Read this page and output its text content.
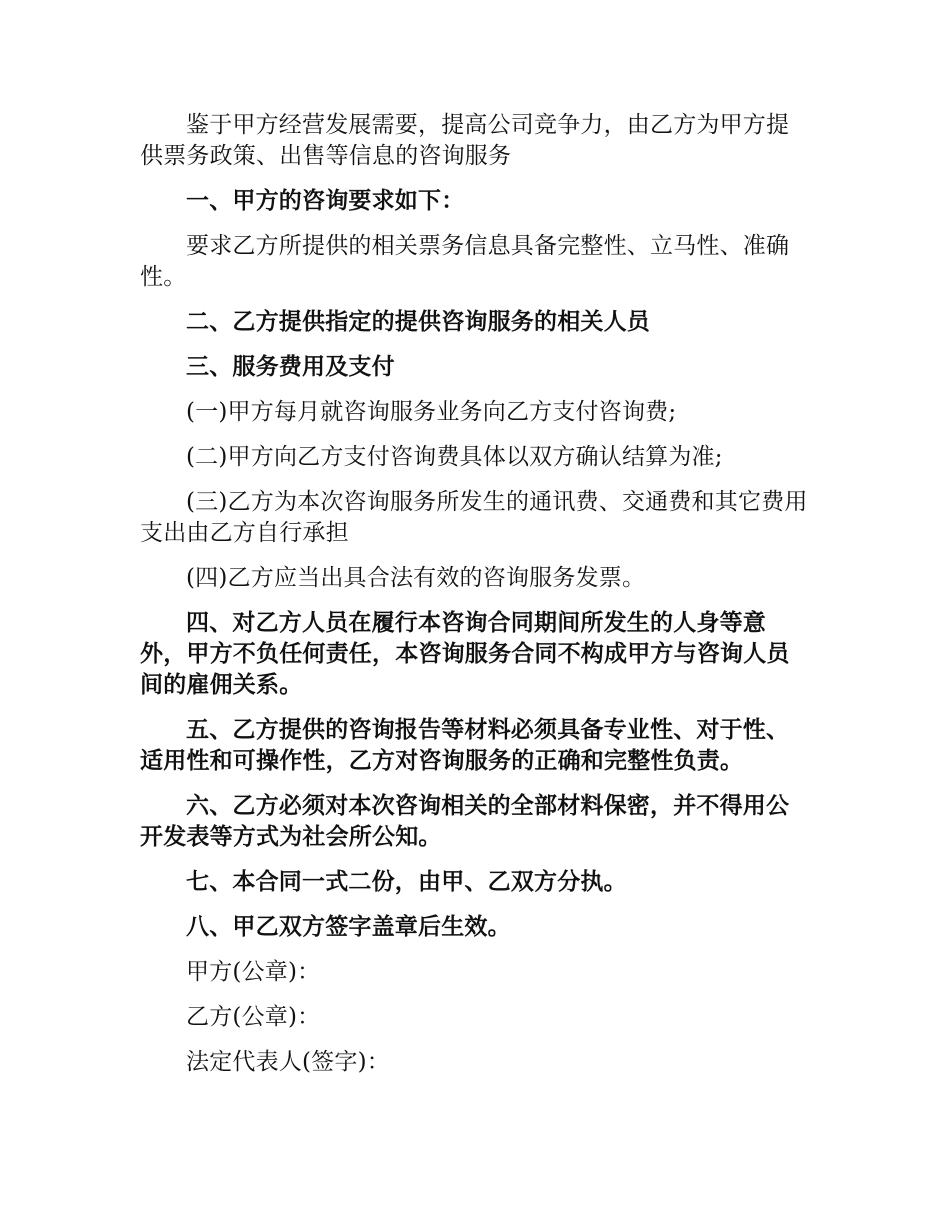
鉴于甲方经营发展需要，提高公司竞争力，由乙方为甲方提供票务政策、出售等信息的咨询服务

一、甲方的咨询要求如下：

要求乙方所提供的相关票务信息具备完整性、立马性、准确性。

二、乙方提供指定的提供咨询服务的相关人员

三、服务费用及支付

(一)甲方每月就咨询服务业务向乙方支付咨询费;

(二)甲方向乙方支付咨询费具体以双方确认结算为准;

(三)乙方为本次咨询服务所发生的通讯费、交通费和其它费用支出由乙方自行承担

(四)乙方应当出具合法有效的咨询服务发票。

四、对乙方人员在履行本咨询合同期间所发生的人身等意外，甲方不负任何责任，本咨询服务合同不构成甲方与咨询人员间的雇佣关系。

五、乙方提供的咨询报告等材料必须具备专业性、对于性、适用性和可操作性，乙方对咨询服务的正确和完整性负责。

六、乙方必须对本次咨询相关的全部材料保密，并不得用公开发表等方式为社会所公知。

七、本合同一式二份，由甲、乙双方分执。

八、甲乙双方签字盖章后生效。

甲方(公章)：

乙方(公章)：

法定代表人(签字)：
